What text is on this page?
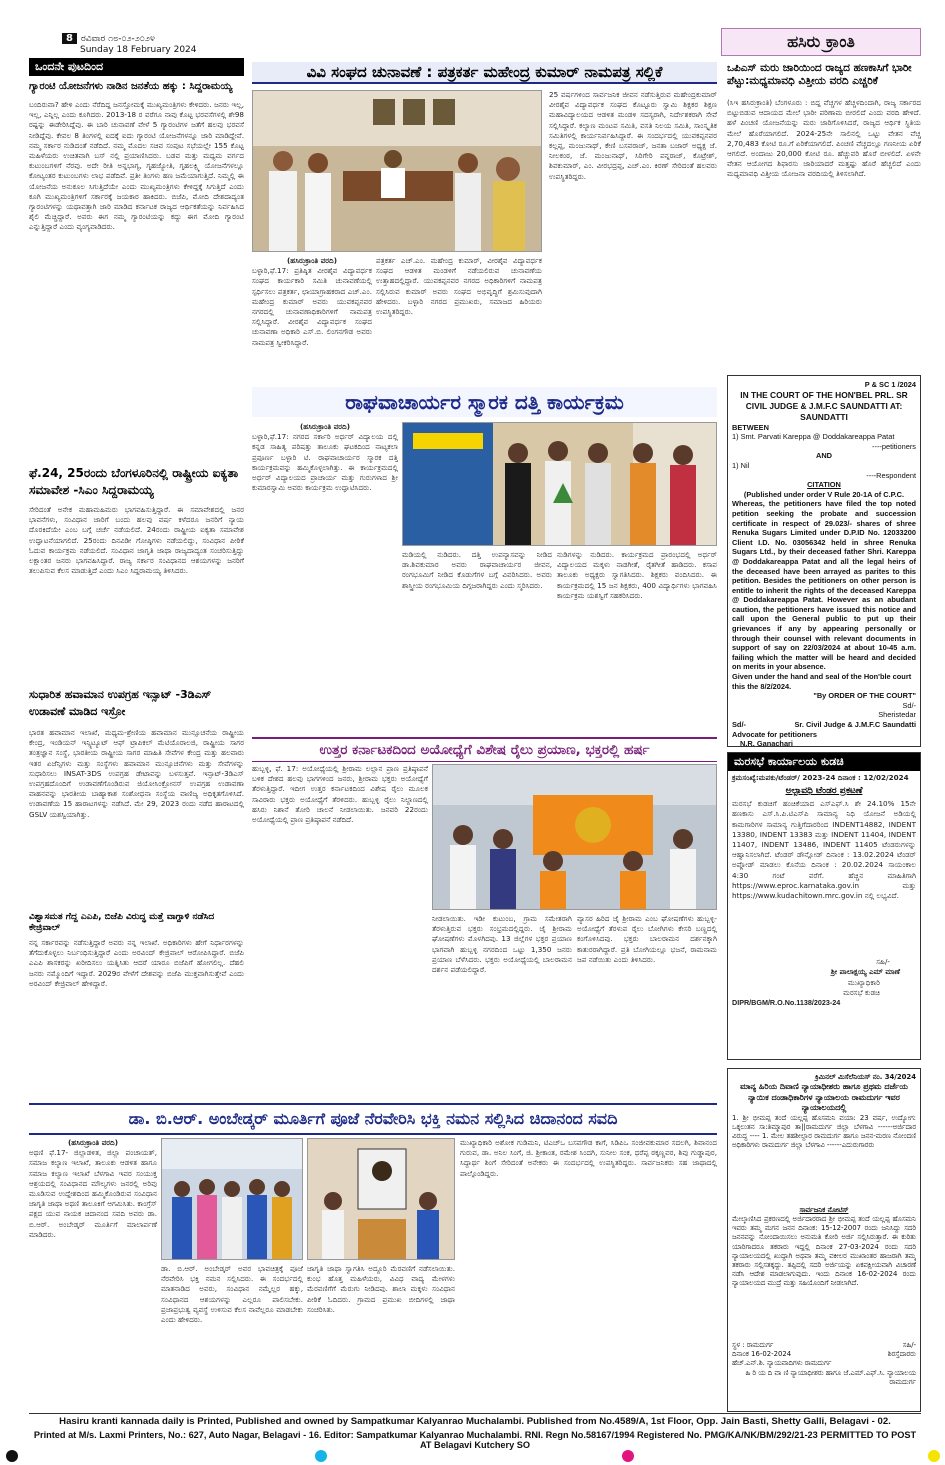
8 ರವಿವಾರ ೧೮-೦೨-೨೦೨೪
Sunday 18 February 2024	ಹಸಿರು ಕ್ರಾಂತಿ
ಒಂದನೇ ಪುಟದಿಂದ
ಗ್ಯಾರಂಟಿ ಯೋಜನೆಗಳು ನಾಡಿನ ಜನತೆಯ ಹಕ್ಕು : ಸಿದ್ದರಾಮಯ್ಯ
ಬಂದಿರುವಾ? ಹೇಳಿ ಎಂದು ನೆರೆದಿದ್ದ ಜನಸ್ತೋಮಕ್ಕೆ ಮುಖ್ಯಮಂತ್ರಿಗಳು ಕೇಳಿದರು. ಜನರು ಇಲ್ಲ, ಇಲ್ಲ, ಎನ್ನಿಲ್ಲ ಎಂದು ಕೂಗಿದರು. 2013-18 ರ ವರೆಗೂ ನಾವು ಕೊಟ್ಟ ಭರವಸೆಗಳಲ್ಲಿ ಶೇ98 ರಷ್ಟನ್ನು ಈಡೇರಿಸಿದ್ದೆವು. ಈ ಬಾರಿ ಚುನಾವಣೆ ವೇಳೆ 5 ಗ್ಯಾರಂಟಿಗಳ ಜತೆಗೆ ಹಲವು ಭರವಸೆ ನೀಡಿದ್ದೆವು. ಕೇವಲ 8 ತಿಂಗಳಲ್ಲಿ ಐದಕ್ಕೆ ಐದು ಗ್ಯಾರಂಟಿ ಯೋಜನೆಗಳನ್ನೂ ಜಾರಿ ಮಾಡಿದ್ದೇವೆ. ನಮ್ಮ ಸರ್ಕಾರ ನುಡಿದಂತೆ ನಡೆದಿದೆ. ನಮ್ಮ ಮೊದಲ ಸಚಿವ ಸಂಪುಟ ಸಭೆಯಲ್ಲೇ 155 ಕೊಟ್ಟ ಮಹಿಳೆಯರು ಉಚಿತವಾಗಿ ಬಸ್ ನಲ್ಲಿ ಪ್ರಯಾಣಿಸಿದರು. ಬಡವ ಮತ್ತು ಮಧ್ಯಮ ವರ್ಗದ ಕುಟುಂಬಗಳಿಗೆ ನೆರವು. ಅದೇ ರೀತಿ ಅನ್ನಭಾಗ್ಯ, ಗೃಹಜ್ಯೋತಿ, ಗೃಹಲಕ್ಷ್ಮಿ ಯೋಜನೆಗಳಲ್ಲೂ ಕೋಟ್ಯಂತರ ಕುಟುಂಬಗಳು ಲಾಭ ಪಡೆದಿವೆ. ಪ್ರತೀ ತಿಂಗಳು ಹಣ ಜಮೆಯಾಗುತ್ತಿದೆ. ನಿಮ್ಮಲ್ಲಿ ಈ ಯೋಜನೆಯ ಅನುಕೂಲ ಸಿಗುತ್ತಿದೆಯೇ ಎಂದು ಮುಖ್ಯಮಂತ್ರಿಗಳು ಕೇಳಿದ್ದಕ್ಕೆ ಸಿಗುತ್ತಿದೆ ಎಂದು ಕೂಗಿ ಮುಖ್ಯಮಂತ್ರಿಗಳಿಗೆ ಸರ್ಕಾರಕ್ಕೆ ಜಯಕಾರ ಹಾಕಿದರು. ಬಿಜೆಪಿ, ಮೋದಿ ದೇಶದಾದ್ಯಂತ ಗ್ಯಾರಂಟಿಗಳನ್ನು ಯಥಾವತ್ತಾಗಿ ಜಾರಿ ಮಾಡಿದ ಕರ್ನಾಟಕ ರಾಜ್ಯದ ಆರ್ಥಿಕತೆಯನ್ನು ನಿರ್ವಹಿಸಿದ ಶೈಲಿ ಮೆಚ್ಚಿದ್ದಾರೆ. ಅವರು ಈಗ ನಮ್ಮ ಗ್ಯಾರಂಟಿಯನ್ನು ಕದ್ದು ಈಗ ಮೋದಿ ಗ್ಯಾರಂಟಿ ಎನ್ನುತ್ತಿದ್ದಾರೆ ಎಂದು ವ್ಯಂಗ್ಯವಾಡಿದರು.
ಫೆ.24, 25ರಂದು ಬೆಂಗಳೂರಿನಲ್ಲಿ ರಾಷ್ಟ್ರೀಯ ಐಕ್ಯತಾ ಸಮಾವೇಶ -ಸಿಎಂ ಸಿದ್ದರಾಮಯ್ಯ
ಸೇರಿದಂತೆ ಅನೇಕ ಮಹಾಮಹಿಮರು ಭಾಗವಹಿಸುತ್ತಿದ್ದಾರೆ. ಈ ಸಮಾವೇಶದಲ್ಲಿ ಜನರ ಭಾವನೆಗಳು, ಸಂವಿಧಾನ ಜಾರಿಗೆ ಬಂದು ಹಲವು ವರ್ಷ ಕಳೆದರೂ ಜನರಿಗೆ ನ್ಯಾಯ ದೊರಕಿದೆಯೇ ಎಂಬ ಬಗ್ಗೆ ಚರ್ಚೆ ನಡೆಯಲಿದೆ. 24ರಂದು ರಾಷ್ಟ್ರೀಯ ಐಕ್ಯತಾ ಸಮಾವೇಶ ಉದ್ಘಾಟನೆಯಾಗಲಿದೆ. 25ರಂದು ದಿನವಿಡೀ ಗೋಷ್ಠಿಗಳು ನಡೆಯಲಿದ್ದು, ಸಂವಿಧಾನ ಪೀಠಿಕೆ ಓದುವ ಕಾರ್ಯಕ್ರಮ ನಡೆಯಲಿದೆ. ಸಂವಿಧಾನ ಜಾಗೃತಿ ಜಾಥಾ ರಾಜ್ಯದಾದ್ಯಂತ ಸಂಚರಿಸುತ್ತಿದ್ದು ಲಕ್ಷಾಂತರ ಜನರು ಭಾಗವಹಿಸಿದ್ದಾರೆ. ರಾಜ್ಯ ಸರ್ಕಾರ ಸಂವಿಧಾನದ ಆಶಯಗಳನ್ನು ಜನರಿಗೆ ತಲುಪಿಸುವ ಕೆಲಸ ಮಾಡುತ್ತಿದೆ ಎಂದು ಸಿಎಂ ಸಿದ್ದರಾಮಯ್ಯ ತಿಳಿಸಿದರು.
ಸುಧಾರಿತ ಹವಾಮಾನ ಉಪಗ್ರಹ ಇನ್ಸಾಟ್ -3ಡಿಎಸ್ ಉಡಾವಣೆ ಮಾಡಿದ ಇಸ್ರೋ
ಭಾರತ ಹವಾಮಾನ ಇಲಾಖೆ, ಮಧ್ಯಮ-ಶ್ರೇಣಿಯ ಹವಾಮಾನ ಮುನ್ಸೂಚನೆಯ ರಾಷ್ಟ್ರೀಯ ಕೇಂದ್ರ, ಇಂಡಿಯನ್ ಇನ್ಸ್ಟಿಟ್ಯೂಟ್ ಆಫ್ ಟ್ರಾಪಿಕಲ್ ಮೆಟಿಯೊರಾಲಜಿ, ರಾಷ್ಟ್ರೀಯ ಸಾಗರ ತಂತ್ರಜ್ಞಾನ ಸಂಸ್ಥೆ, ಭಾರತೀಯ ರಾಷ್ಟ್ರೀಯ ಸಾಗರ ಮಾಹಿತಿ ಸೇವೆಗಳ ಕೇಂದ್ರ ಮತ್ತು ಹಲವಾರು ಇತರ ಏಜೆನ್ಸಿಗಳು ಮತ್ತು ಸಂಸ್ಥೆಗಳು ಹವಾಮಾನ ಮುನ್ಸೂಚನೆಗಳು ಮತ್ತು ಸೇವೆಗಳನ್ನು ಸುಧಾರಿಸಲು INSAT-3DS ಉಪಗ್ರಹ ಡೇಟಾವನ್ನು ಬಳಸುತ್ತವೆ. ಇನ್ಸಾಟ್-3ಡಿಎಸ್ ಉಪಗ್ರಹದೊಂದಿಗೆ ಉಡಾವಣೆಗೊಂಡಿರುವ ಜಿಯೋಸಿಂಕ್ರೋನಸ್ ಉಪಗ್ರಹ ಉಡಾವಣಾ ವಾಹನವನ್ನು ಭಾರತೀಯ ಬಾಹ್ಯಾಕಾಶ ಸಂಶೋಧನಾ ಸಂಸ್ಥೆಯ ವಾಣಿಜ್ಯ ಅಧಿಕೃತಗೊಳಿಸಿದೆ. ಉಡಾವಣೆಯ 15 ಹಾರಾಟಗಳನ್ನು ನಡೆಸಿದೆ. ಮೇ 29, 2023 ರಂದು ನಡೆದ ಹಾರಾಟದಲ್ಲಿ GSLV ಯಶಸ್ವಿಯಾಗಿತ್ತು.
ವಿಶ್ವಾಸಮತ ಗೆದ್ದ ಎಎಪಿ, ಬಿಜೆಪಿ ವಿರುದ್ಧ ಮತ್ತೆ ವಾಗ್ದಾಳಿ ನಡೆಸಿದ ಕೇಜ್ರಿವಾಲ್
ನನ್ನ ಸರ್ಕಾರವನ್ನು ನಡೆಸುತ್ತಿದ್ದಾರೆ ಅವರು ನನ್ನ ಇಲಾಖೆ. ಅಧಿಕಾರಿಗಳು ಹೇಗೆ ನಿರ್ಧಾರಗಳನ್ನು ತೆಗೆದುಕೊಳ್ಳಲು ನಿರ್ಬಂಧಿಸುತ್ತಿದ್ದಾರೆ ಎಂದು ಅರವಿಂದ್ ಕೇಜ್ರಿವಾಲ್ ಆರೋಪಿಸಿದ್ದಾರೆ. ಬಿಜೆಪಿ ಎಎಪಿ ಶಾಸಕರನ್ನು ಖರೀದಿಸಲು ಯತ್ನಿಸಿತು ಆದರೆ ಯಾರೂ ಬಿಜೆಪಿಗೆ ಹೋಗಲಿಲ್ಲ. ದೆಹಲಿ ಜನರು ನಮ್ಮೊಂದಿಗೆ ಇದ್ದಾರೆ. 2029ರ ವೇಳೆಗೆ ದೇಶವನ್ನು ಬಿಜೆಪಿ ಮುಕ್ತವಾಗಿಸುತ್ತೇವೆ ಎಂದು ಅರವಿಂದ್ ಕೇಜ್ರಿವಾಲ್ ಹೇಳಿದ್ದಾರೆ.
ವಿವಿ ಸಂಘದ ಚುನಾವಣೆ : ಪತ್ರಕರ್ತ ಮಹೇಂದ್ರ ಕುಮಾರ್ ನಾಮಪತ್ರ ಸಲ್ಲಿಕೆ
(ಹಸಿರುಕ್ರಾಂತಿ ವರದಿ)
ಬಳ್ಳಾರಿ,ಫೆ.17: ಪ್ರತಿಷ್ಠಿತ ವೀರಶೈವ ವಿದ್ಯಾವರ್ಧಕ ಸಂಘದ ಕಾರ್ಯಕಾರಿ ಸಮಿತಿ ಚುನಾವಣೆಯಲ್ಲಿ ಸ್ಪರ್ಧಿಸಲು ಪತ್ರಕರ್ತ, ಛಾಯಾಗ್ರಾಹಕರಾದ ಎಚ್.ಎಂ. ಮಹೇಂದ್ರ ಕುಮಾರ್ ಅವರು ಯುವಕಪ್ಪನವರ ನಗರದಲ್ಲಿ ಚುನಾವಣಾಧಿಕಾರಿಗಳಿಗೆ ನಾಮಪತ್ರ ಸಲ್ಲಿಸಿದ್ದಾರೆ. ವೀರಶೈವ ವಿದ್ಯಾವರ್ಧಕ ಸಂಘದ ಚುನಾವಣಾ ಅಧಿಕಾರಿ ಎಸ್.ಬಿ. ಲಿಂಗನಗೌಡ ಅವರು ನಾಮಪತ್ರ ಸ್ವೀಕರಿಸಿದ್ದಾರೆ.
ಪತ್ರಕರ್ತ ಎಚ್.ಎಂ. ಮಹೇಂದ್ರ ಕುಮಾರ್, ವೀರಶೈವ ವಿದ್ಯಾವರ್ಧಕ ಸಂಘದ ಆಡಳಿತ ಮಂಡಳಿಗೆ ನಡೆಯಲಿರುವ ಚುನಾವಣೆಯ ಉತ್ತಾಹದಲ್ಲಿದ್ದಾರೆ. ಯುವಕಪ್ಪನವರ ನಗರದ ಅಧಿಕಾರಿಗಳಿಗೆ ನಾಮಪತ್ರ ಸಲ್ಲಿಸಿರುವ ಕುಮಾರ್ ಅವರು ಸಂಘದ ಅಭಿವೃದ್ಧಿಗೆ ಶ್ರಮಿಸುವುದಾಗಿ ಹೇಳಿದರು. ಬಳ್ಳಾರಿ ನಗರದ ಪ್ರಮುಖರು, ಸಮಾಜದ ಹಿರಿಯರು ಉಪಸ್ಥಿತರಿದ್ದರು.
25 ವರ್ಷಗಳಿಂದ ಸಾರ್ವಜನಿಕ ಜೀವನ ನಡೆಸುತ್ತಿರುವ ಮಹೇಂದ್ರಕುಮಾರ್ ವೀರಶೈವ ವಿದ್ಯಾವರ್ಧಕ ಸಂಘದ ಕೊಟ್ಟೂರು ಸ್ವಾಮಿ ಶಿಕ್ಷಕರ ಶಿಕ್ಷಣ ಮಹಾವಿದ್ಯಾಲಯದ ಆಡಳಿತ ಮಂಡಳಿ ಸದಸ್ಯರಾಗಿ, ನಿರ್ದೇಶಕರಾಗಿ ಸೇವೆ ಸಲ್ಲಿಸಿದ್ದಾರೆ. ಕಲ್ಯಾಣ ಮಂಟಪ ಸಮಿತಿ, ವಸತಿ ನಿಲಯ ಸಮಿತಿ, ಸಾಂಸ್ಕೃತಿಕ ಸಮಿತಿಗಳಲ್ಲಿ ಕಾರ್ಯನಿರ್ವಹಿಸಿದ್ದಾರೆ. ಈ ಸಂದರ್ಭದಲ್ಲಿ ಯುವಕಪ್ಪನವರ ಕಲ್ಲಪ್ಪ, ಮಂಜುನಾಥ್, ಕೇಣಿ ಬಸವರಾಜ್, ಜನತಾ ಬಜಾರ್ ಅಧ್ಯಕ್ಷ ಜೆ. ನೀಲಕಂಠ, ಜೆ. ಮಂಜುನಾಥ್, ಸಿರಿಗೇರಿ ಪನ್ನರಾಜ್, ಕೊಟ್ರೇಶ್, ಶಿವಕುಮಾರ್, ಎಂ. ವೀರಭದ್ರಪ್ಪ, ಎಚ್.ಎಂ. ಕಿರಣ್ ಸೇರಿದಂತೆ ಹಲವರು ಉಪಸ್ಥಿತರಿದ್ದರು.
ರಾಘವಾಚಾರ್ಯರ ಸ್ಮಾರಕ ದತ್ತಿ ಕಾರ್ಯಕ್ರಮ
(ಹಸಿರುಕ್ರಾಂತಿ ವರದಿ)
ಬಳ್ಳಾರಿ,ಫೆ.17: ನಗರದ ಸರ್ಕಾರಿ ಅರ್ಧರ್ ವಿದ್ಯಾಲಯ ದಲ್ಲಿ ಕನ್ನಡ ಸಾಹಿತ್ಯ ಪರಿಷತ್ತು ತಾಲೂಕು ಘಟಕದಿಂದ ನಾಟ್ಯಕಲಾ ಪ್ರಪೂರ್ಣ ಬಳ್ಳಾರಿ ಟಿ. ರಾಘವಾಚಾರ್ಯರ ಸ್ಮಾರಕ ದತ್ತಿ ಕಾರ್ಯಕ್ರಮವನ್ನು ಹಮ್ಮಿಕೊಳ್ಳಲಾಗಿತ್ತು. ಈ ಕಾರ್ಯಕ್ರಮದಲ್ಲಿ ಅರ್ಧರ್ ವಿದ್ಯಾಲಯದ ಪ್ರಾಚಾರ್ಯ ಮತ್ತು ಗುರುಗಳಾದ ಶ್ರೀ ಕುಮಾರಸ್ವಾಮಿ ಅವರು ಕಾರ್ಯಕ್ರಮ ಉದ್ಘಾಟಿಸಿದರು.
ಮಡಿಯಲ್ಲಿ ನುಡಿದರು. ದತ್ತಿ ಉಪನ್ಯಾಸವನ್ನು ನೀಡಿದ ಡಾ.ಶಿವಕುಮಾರ ಅವರು ರಾಘವಾಚಾರ್ಯರ ಜೀವನ, ರಂಗಭೂಮಿಗೆ ನೀಡಿದ ಕೊಡುಗೆಗಳ ಬಗ್ಗೆ ವಿವರಿಸಿದರು. ಅವರು ಶಾಸ್ತ್ರೀಯ ರಂಗಭೂಮಿಯ ದಿಗ್ಗಜರಾಗಿದ್ದರು ಎಂದು ಸ್ಮರಿಸಿದರು.
ನುಡಿಗಳನ್ನು ನುಡಿದರು. ಕಾರ್ಯಕ್ರಮದ ಪ್ರಾರಂಭದಲ್ಲಿ ಅರ್ಧರ್ ವಿದ್ಯಾಲಯದ ಮಕ್ಕಳು ನಾಡಗೀತೆ, ರೈತಗೀತೆ ಹಾಡಿದರು. ಕಸಾಪ ತಾಲೂಕು ಅಧ್ಯಕ್ಷರು ಸ್ವಾಗತಿಸಿದರು. ಶಿಕ್ಷಕರು ವಂದಿಸಿದರು. ಈ ಕಾರ್ಯಕ್ರಮದಲ್ಲಿ 15 ಜನ ಶಿಕ್ಷಕರು, 400 ವಿದ್ಯಾರ್ಥಿಗಳು ಭಾಗವಹಿಸಿ ಕಾರ್ಯಕ್ರಮ ಯಶಸ್ವಿಗೆ ಸಹಕರಿಸಿದರು.
ಉತ್ತರ ಕರ್ನಾಟಕದಿಂದ ಅಯೋಧ್ಯೆಗೆ ವಿಶೇಷ ರೈಲು ಪ್ರಯಾಣ, ಭಕ್ತರಲ್ಲಿ ಹರ್ಷ
ಹುಬ್ಬಳ್ಳಿ, ಫೆ. 17: ಅಯೋಧ್ಯೆಯಲ್ಲಿ ಶ್ರೀರಾಮ ಲಲ್ಲಾನ ಪ್ರಾಣ ಪ್ರತಿಷ್ಠಾಪನೆ ಬಳಿಕ ದೇಶದ ಹಲವು ಭಾಗಗಳಿಂದ ಜನರು, ಶ್ರೀರಾಮ ಭಕ್ತರು ಅಯೋಧ್ಯೆಗೆ ತೆರಳುತ್ತಿದ್ದಾರೆ. ಇದೀಗ ಉತ್ತರ ಕರ್ನಾಟಕದಿಂದ ವಿಶೇಷ ರೈಲು ಮೂಲಕ ಸಾವಿರಾರು ಭಕ್ತರು ಅಯೋಧ್ಯೆಗೆ ತೆರಳಿದರು. ಹುಬ್ಬಳ್ಳಿ ರೈಲು ನಿಲ್ದಾಣದಲ್ಲಿ ಹಸಿರು ನಿಶಾನೆ ತೋರಿ ಚಾಲನೆ ನೀಡಲಾಯಿತು. ಜನವರಿ 22ರಂದು ಅಯೋಧ್ಯೆಯಲ್ಲಿ ಪ್ರಾಣ ಪ್ರತಿಷ್ಠಾಪನೆ ನಡೆದಿದೆ.
ನೀಡಲಾಯಿತು. ಇಡೀ ಕುಟುಂಬ, ಗ್ರಾಮ ಸಮೇತರಾಗಿ ತೆರಳುತ್ತಿರುವ ಭಕ್ತರು ಸಂಭ್ರಮದಲ್ಲಿದ್ದರು. ಜೈ ಶ್ರೀರಾಮ ಘೋಷಣೆಗಳು ಮೊಳಗಿದವು. 13 ಜಿಲ್ಲೆಗಳ ಭಕ್ತರ ಪ್ರಯಾಣ ಭಾಗವಾಗಿ ಹುಬ್ಬಳ್ಳಿ ನಗರದಿಂದ ಒಟ್ಟು 1,350 ಜನರು ಪ್ರಯಾಣ ಬೆಳೆಸಿದರು. ಭಕ್ತರು ಅಯೋಧ್ಯೆಯಲ್ಲಿ ಬಾಲರಾಮನ ದರ್ಶನ ಪಡೆಯಲಿದ್ದಾರೆ.
ವ್ಯಾಸರ ಹಿರಿದ ಜೈ ಶ್ರೀರಾಮ ಎಂಬ ಘೋಷಣೆಗಳು ಹುಬ್ಬಳ್ಳಿ-ಅಯೋಧ್ಯೆಗೆ ತೆರಳುವ ರೈಲು ಬೋಗಿಗಳು ಕೇಸರಿ ಬಣ್ಣದಲ್ಲಿ ಕಂಗೊಳಿಸಿದವು. ಭಕ್ತರು ಬಾಲರಾಮನ ದರ್ಶನಕ್ಕಾಗಿ ಕಾತುರರಾಗಿದ್ದಾರೆ. ಪ್ರತಿ ಬೋಗಿಯಲ್ಲೂ ಭಜನೆ, ರಾಮನಾಮ ಜಪ ನಡೆಯಿತು ಎಂದು ತಿಳಿಸಿದರು.
ಡಾ. ಬಿ.ಆರ್. ಅಂಬೇಡ್ಕರ್ ಮೂರ್ತಿಗೆ ಪೂಜೆ ನೆರವೇರಿಸಿ ಭಕ್ತಿ ನಮನ ಸಲ್ಲಿಸಿದ ಚಿದಾನಂದ ಸವದಿ
(ಹಸಿರುಕ್ರಾಂತಿ ವರದಿ)
ಅಥಣಿ ಫೆ.17- ಜಿಲ್ಲಾಡಳಿತ, ಜಿಲ್ಲಾ ಪಂಚಾಯತ್, ಸಮಾಜ ಕಲ್ಯಾಣ ಇಲಾಖೆ, ತಾಲೂಕು ಆಡಳಿತ ಹಾಗೂ ಸಮಾಜ ಕಲ್ಯಾಣ ಇಲಾಖೆ ಬೆಳಗಾವಿ ಇವರ ಸಂಯುಕ್ತ ಆಶ್ರಯದಲ್ಲಿ ಸಂವಿಧಾನದ ಮೌಲ್ಯಗಳು ಜನರಲ್ಲಿ ಅರಿವು ಮೂಡಿಸುವ ಉದ್ದೇಶದಿಂದ ಹಮ್ಮಿಕೊಂಡಿರುವ ಸಂವಿಧಾನ ಜಾಗೃತಿ ಜಾಥಾ ಅಥಣಿ ತಾಲೂಕಿಗೆ ಆಗಮಿಸಿತು. ಕಾಂಗ್ರೆಸ್ ಪಕ್ಷದ ಯುವ ನಾಯಕ ಚಿದಾನಂದ ಸವದಿ ಅವರು ಡಾ. ಬಿ.ಆರ್. ಅಂಬೇಡ್ಕರ್ ಮೂರ್ತಿಗೆ ಮಾಲಾರ್ಪಣೆ ಮಾಡಿದರು.
ಡಾ. ಬಿ.ಆರ್. ಅಂಬೇಡ್ಕರ್ ಅವರ ಭಾವಚಿತ್ರಕ್ಕೆ ಪೂಜೆ ನೆರವೇರಿಸಿ ಭಕ್ತಿ ನಮನ ಸಲ್ಲಿಸಿದರು. ಈ ಸಂದರ್ಭದಲ್ಲಿ ಮಾತನಾಡಿದ ಅವರು, ಸಂವಿಧಾನ ನಮ್ಮೆಲ್ಲರ ಹಕ್ಕು, ಸಂವಿಧಾನದ ಆಶಯಗಳನ್ನು ಎಲ್ಲರೂ ಪಾಲಿಸಬೇಕು. ಪ್ರಜಾಪ್ರಭುತ್ವ ವ್ಯವಸ್ಥೆ ಉಳಿಸುವ ಕೆಲಸ ನಾವೆಲ್ಲರೂ ಮಾಡಬೇಕು ಎಂದು ಹೇಳಿದರು.
ಜಾಗೃತಿ ಜಾಥಾ ಸ್ವಾಗತಿಸಿ ಅದ್ದೂರಿ ಮೆರವಣಿಗೆ ನಡೆಸಲಾಯಿತು. ಕುಂಭ ಹೊತ್ತ ಮಹಿಳೆಯರು, ವಿವಿಧ ವಾದ್ಯ ಮೇಳಗಳು ಮೆರವಣಿಗೆಗೆ ಮೆರುಗು ನೀಡಿದವು. ಶಾಲಾ ಮಕ್ಕಳು ಸಂವಿಧಾನ ಪೀಠಿಕೆ ಓದಿದರು. ಗ್ರಾಮದ ಪ್ರಮುಖ ಬೀದಿಗಳಲ್ಲಿ ಜಾಥಾ ಸಂಚರಿಸಿತು.
ಮುಖ್ಯಾಧಿಕಾರಿ ಅಶೋಕ ಗುಡಿಮನಿ, ಟಿಎಚ್ಒ ಬಸವಗೌಡ ಕಾಗೆ, ಸಿಡಿಪಿಒ ಸಂಜೀವಕುಮಾರ ಸದಲಗಿ, ಶಿವಾನಂದ ಗುರುವ, ಡಾ. ಅನಿಲ ಸಿಂಗೆ, ಜಿ. ಶ್ರೀಕಾಂತ, ರಮೇಶ ಸಿಂದಗಿ, ಸುನೀಲ ಸಂಕ, ಧರೆಪ್ಪ ಠಕ್ಕಣ್ಣವರ, ಶಿವು ಗುಡ್ಡಾಪುರ, ಸಿದ್ದಾರ್ಥ ಶಿಂಗೆ ಸೇರಿದಂತೆ ಅನೇಕರು ಈ ಸಂದರ್ಭದಲ್ಲಿ ಉಪಸ್ಥಿತರಿದ್ದರು. ಸಾರ್ವಜನಿಕರು ಸಹ ಜಾಥಾದಲ್ಲಿ ಪಾಲ್ಗೊಂಡಿದ್ದರು.
ಒಪಿಎಸ್ ಮರು ಜಾರಿಯಿಂದ ರಾಜ್ಯದ ಹಣಕಾಸಿಗೆ ಭಾರೀ ಪೆಟ್ಟು:ಮಧ್ಯಮಾವಧಿ ವಿತ್ತೀಯ ವರದಿ ಎಚ್ಚರಿಕೆ
(ಸಿಇ ಹಸಿರುಕ್ರಾಂತಿ) ಬೆಂಗಳೂರು : ಬಿದ್ದ ವೆಚ್ಚಗಳ ಹೆಚ್ಚಳದಿಂದಾಗಿ, ರಾಜ್ಯ ಸರ್ಕಾರದ ಬಿಟ್ಟುಬಿಡುವ ಆದಾಯದ ಮೇಲೆ ಭಾರೀ ಪರಿಣಾಮ ಬೀರಲಿದೆ ಎಂದು ವರದಿ ಹೇಳಿದೆ. ಹಳೆ ಪಿಂಚಣಿ ಯೋಜನೆಯನ್ನು ಮರು ಜಾರಿಗೊಳಿಸಿದರೆ, ರಾಜ್ಯದ ಆರ್ಥಿಕ ಸ್ಥಿತಿಯ ಮೇಲೆ ಹೊರೆಯಾಗಲಿದೆ. 2024-25ನೇ ಸಾಲಿನಲ್ಲಿ ಒಟ್ಟು ವೇತನ ವೆಚ್ಚ 2,70,483 ಕೋಟಿ ರೂ.ಗೆ ಏರಿಕೆಯಾಗಲಿದೆ. ಪಿಂಚಣಿ ವೆಚ್ಚದಲ್ಲೂ ಗಣನೀಯ ಏರಿಕೆ ಆಗಲಿದೆ. ಅಂದಾಜು 20,000 ಕೋಟಿ ರೂ. ಹೆಚ್ಚುವರಿ ಹೊರೆ ಬೀಳಲಿದೆ. ಏಳನೇ ವೇತನ ಆಯೋಗದ ಶಿಫಾರಸು ಜಾರಿಯಾದರೆ ಮತ್ತಷ್ಟು ಹೊರೆ ಹೆಚ್ಚಲಿದೆ ಎಂದು ಮಧ್ಯಮಾವಧಿ ವಿತ್ತೀಯ ಯೋಜನಾ ವರದಿಯಲ್ಲಿ ತಿಳಿಸಲಾಗಿದೆ.
P & SC 1 /2024
IN THE COURT OF THE HON'BEL PRL. SR CIVIL JUDGE & J.M.F.C SAUNDATTI AT: SAUNDATTI
BETWEEN
1) Smt. Parvati Kareppa @ Doddakareappa Patat
----petitioners
AND
1) Nil
----Respondent
CITATION
(Published under order V Rule 20-1A of C.P.C.
Whereas, the petitioners have filed the top noted petition seeking the probate and succession certificate in respect of 29.023/- shares of shree Renuka Sugars Limited under D.P.ID No. 12033200 Client I.D. No. 03056342 held in shree Renuka Sugars Ltd., by their deceased father Shri. Kareppa @ Doddakareappa Patat and all the legal heirs of the deceased have been arrayed as parites to this petition. Besides the petitioners on other person is entitle to inherit the rights of the deceased Kareppa @ Doddakareappa Patat. However as an abudant caution, the petitioners have issued this notice and call upon the General public to put up their grievances if any by appearing personally or through their counsel with relevant documents in support of say on 22/03/2024 at about 10-45 a.m. failing which the matter will be heard and decided on merits in your absence.
Given under the hand and seal of the Hon'ble court this the 8/2/2024.
"By ORDER OF THE COURT"
Sd/-
Sheristedar
Sd/-	Sr. Civil Judge & J.M.F.C Saundatti
Advocate for petitioners
N.R. Ganachari
ಮರಸಭೆ ಕಾರ್ಯಾಲಯ ಕುಡಚಿ
ಕ್ರಮಸಂಖ್ಯೆ:ಮಪಕು/ಟೆಂಡರ್/ 2023-24 ದಿನಾಂಕ : 12/02/2024
ಅಲ್ಪಾವಧಿ ಟೆಂಡರ ಪ್ರಕಟಣೆ
ಮರಸಭೆ ಕುಡಚಿಗೆ ಹಂಚಿಕೆಯಾದ ಎಸ್ಎಫ್.ಸಿ ಶೇ 24.10% 15ನೇ ಹಣಕಾಸು ಎಸ್.ಸಿ.ಪಿ.ಟಿಎಸ್‌ಪಿ ಸಾಮಾನ್ಯ ನಿಧಿ ಯೋಜನೆ ಅಡಿಯಲ್ಲಿ ಕಾಮಗಾರಿಗಳ ಸಾಮಾನ್ಯ ಗುತ್ತಿಗೆದಾರರಿಂದ INDENT14882, INDENT 13380, INDENT 13383 ಮತ್ತು INDENT 11404, INDENT 11407, INDENT 13486, INDENT 11405 ಟೆಂಡರುಗಳನ್ನು ಆಹ್ವಾನಿಸಲಾಗಿದೆ. ಟೆಂಡರ್ ಡೌನ್ಲೋಡ್ ದಿನಾಂಕ : 13.02.2024 ಟೆಂಡರ್ ಅಪ್ಲೋಡ್ ಮಾಡಲು ಕೊನೆಯ ದಿನಾಂಕ : 20.02.2024 ಸಾಯಂಕಾಲ 4:30 ಗಂಟೆ ವರೆಗೆ. ಹೆಚ್ಚಿನ ಮಾಹಿತಿಗಾಗಿ https://www.eproc.karnataka.gov.in ಮತ್ತು https://www.kudachitown.mrc.gov.in ನಲ್ಲಿ ಲಭ್ಯವಿದೆ.
ಸಹಿ/-
ಶ್ರೀ ಪಾಲಾಕ್ಷಯ್ಯ ಎಮ್ ಮಾಣೆ
ಮುಖ್ಯಾಧಿಕಾರಿ
ಮರಸಭೆ ಕುಡಚಿ
DIPR/BGM/R.O.No.1138/2023-24
ಕ್ರಿಮಿನಲ್ ಮಿಸೆಲೆನಿಯಸ್ ನಂ. 34/2024
ಮಾನ್ಯ ಹಿರಿಯ ದಿವಾಣಿ ನ್ಯಾಯಾಧೀಶರು ಹಾಗೂ ಪ್ರಥಮ ದರ್ಜೆಯ ನ್ಯಾಯಿಕ ದಂಡಾಧಿಕಾರಿಗಳ ನ್ಯಾಯಾಲಯ ರಾಮದುರ್ಗ ಇವರ ನ್ಯಾಯಾಲಯದಲ್ಲಿ
1. ಶ್ರೀ ಭೀಮಪ್ಪ ತಂದೆ ಯಲ್ಲಪ್ಪ ಹೊಸಮನಿ ವಯಾ: 23 ವರ್ಷ, ಉದ್ಯೋಗ: ಒಕ್ಕಲುತನ ಸಾ:ತಿಮ್ಮಾಪುರ ತಾ||ರಾಮದುರ್ಗ ಜಿಲ್ಲಾ ಬೆಳಗಾವಿ ------ಅರ್ಜಿದಾರ ವಿರುದ್ಧ ---- 1. ಮೇಲ ತಹಶೀಲ್ದಾರ ರಾಮದುರ್ಗ ಹಾಗೂ ಜನನ-ಮರಣ ನೋಂದಣಿ ಅಧಿಕಾರಿಗಳು ರಾಮದುರ್ಗ ಜಿಲ್ಲಾ ಬೆಳಗಾವಿ ------ಎದುರುಗಾರರು
ಸಾರ್ವಜನಿಕ ನೋಟಿಸ್
ಮೇಲ್ಕಾಣಿಸಿದ ಪ್ರಕರಣದಲ್ಲಿ ಅರ್ಜಿದಾರರಾದ ಶ್ರೀ ಭೀಮಪ್ಪ ತಂದೆ ಯಲ್ಲಪ್ಪ ಹೊಸಮನಿ ಇವರು ತಮ್ಮ ಮಗನ ಜನನ ದಿನಾಂಕ: 15-12-2007 ರಂದು ಜನಿಸಿದ್ದು ಸದರಿ ಜನನವನ್ನು ನೋಂದಾಯಿಸಲು ಅನುಮತಿ ಕೋರಿ ಅರ್ಜಿ ಸಲ್ಲಿಸಿರುತ್ತಾರೆ. ಈ ಕುರಿತು ಯಾರಿಗಾದರೂ ತಕರಾರು ಇದ್ದಲ್ಲಿ ದಿನಾಂಕ 27-03-2024 ರಂದು ಸದರಿ ನ್ಯಾಯಾಲಯದಲ್ಲಿ ಖುದ್ದಾಗಿ ಅಥವಾ ತಮ್ಮ ವಕೀಲರ ಮುಖಾಂತರ ಹಾಜರಾಗಿ ತಮ್ಮ ತಕರಾರು ಸಲ್ಲಿಸತಕ್ಕದ್ದು. ತಪ್ಪಿದಲ್ಲಿ ಸದರಿ ಅರ್ಜಿಯನ್ನು ಏಕಪಕ್ಷೀಯವಾಗಿ ವಿಚಾರಣೆ ನಡೆಸಿ ಆದೇಶ ಮಾಡಲಾಗುವುದು. ಇಂದು ದಿನಾಂಕ 16-02-2024 ರಂದು ನ್ಯಾಯಾಲಯದ ಮುದ್ರೆ ಮತ್ತು ಸಹಿಯೊಂದಿಗೆ ನೀಡಲಾಗಿದೆ.
ಸ್ಥಳ : ರಾಮದುರ್ಗ	ಸಹಿ/-
ದಿನಾಂಕ 16-02-2024	ಶಿರಸ್ತೆದಾರರು
ಹೆಚ್.ಎನ್.ಶಿ. ನ್ಯಾಯವಾದಿಗಳು ರಾಮದುರ್ಗ
ಹಿ ರಿ ಯ ದಿ ವಾ ಣಿ ನ್ಯಾಯಾಧೀಶರು ಹಾಗೂ ಜೆ.ಎಮ್.ಎಫ್.ಸಿ. ನ್ಯಾಯಾಲಯ ರಾಮದುರ್ಗ
Hasiru kranti kannada daily is Printed, Published and owned by Sampatkumar Kalyanrao Muchalambi. Published from No.4589/A, 1st Floor, Opp. Jain Basti, Shetty Galli, Belagavi - 02.
Printed at M/s. Laxmi Printers, No.: 627, Auto Nagar, Belagavi - 16. Editor: Sampatkumar Kalyanrao Muchalambi. RNI. Regn No.58167/1994 Registered No. PMG/KA/NK/BM/292/21-23 PERMITTED TO POST AT Belagavi Kutchery SO
